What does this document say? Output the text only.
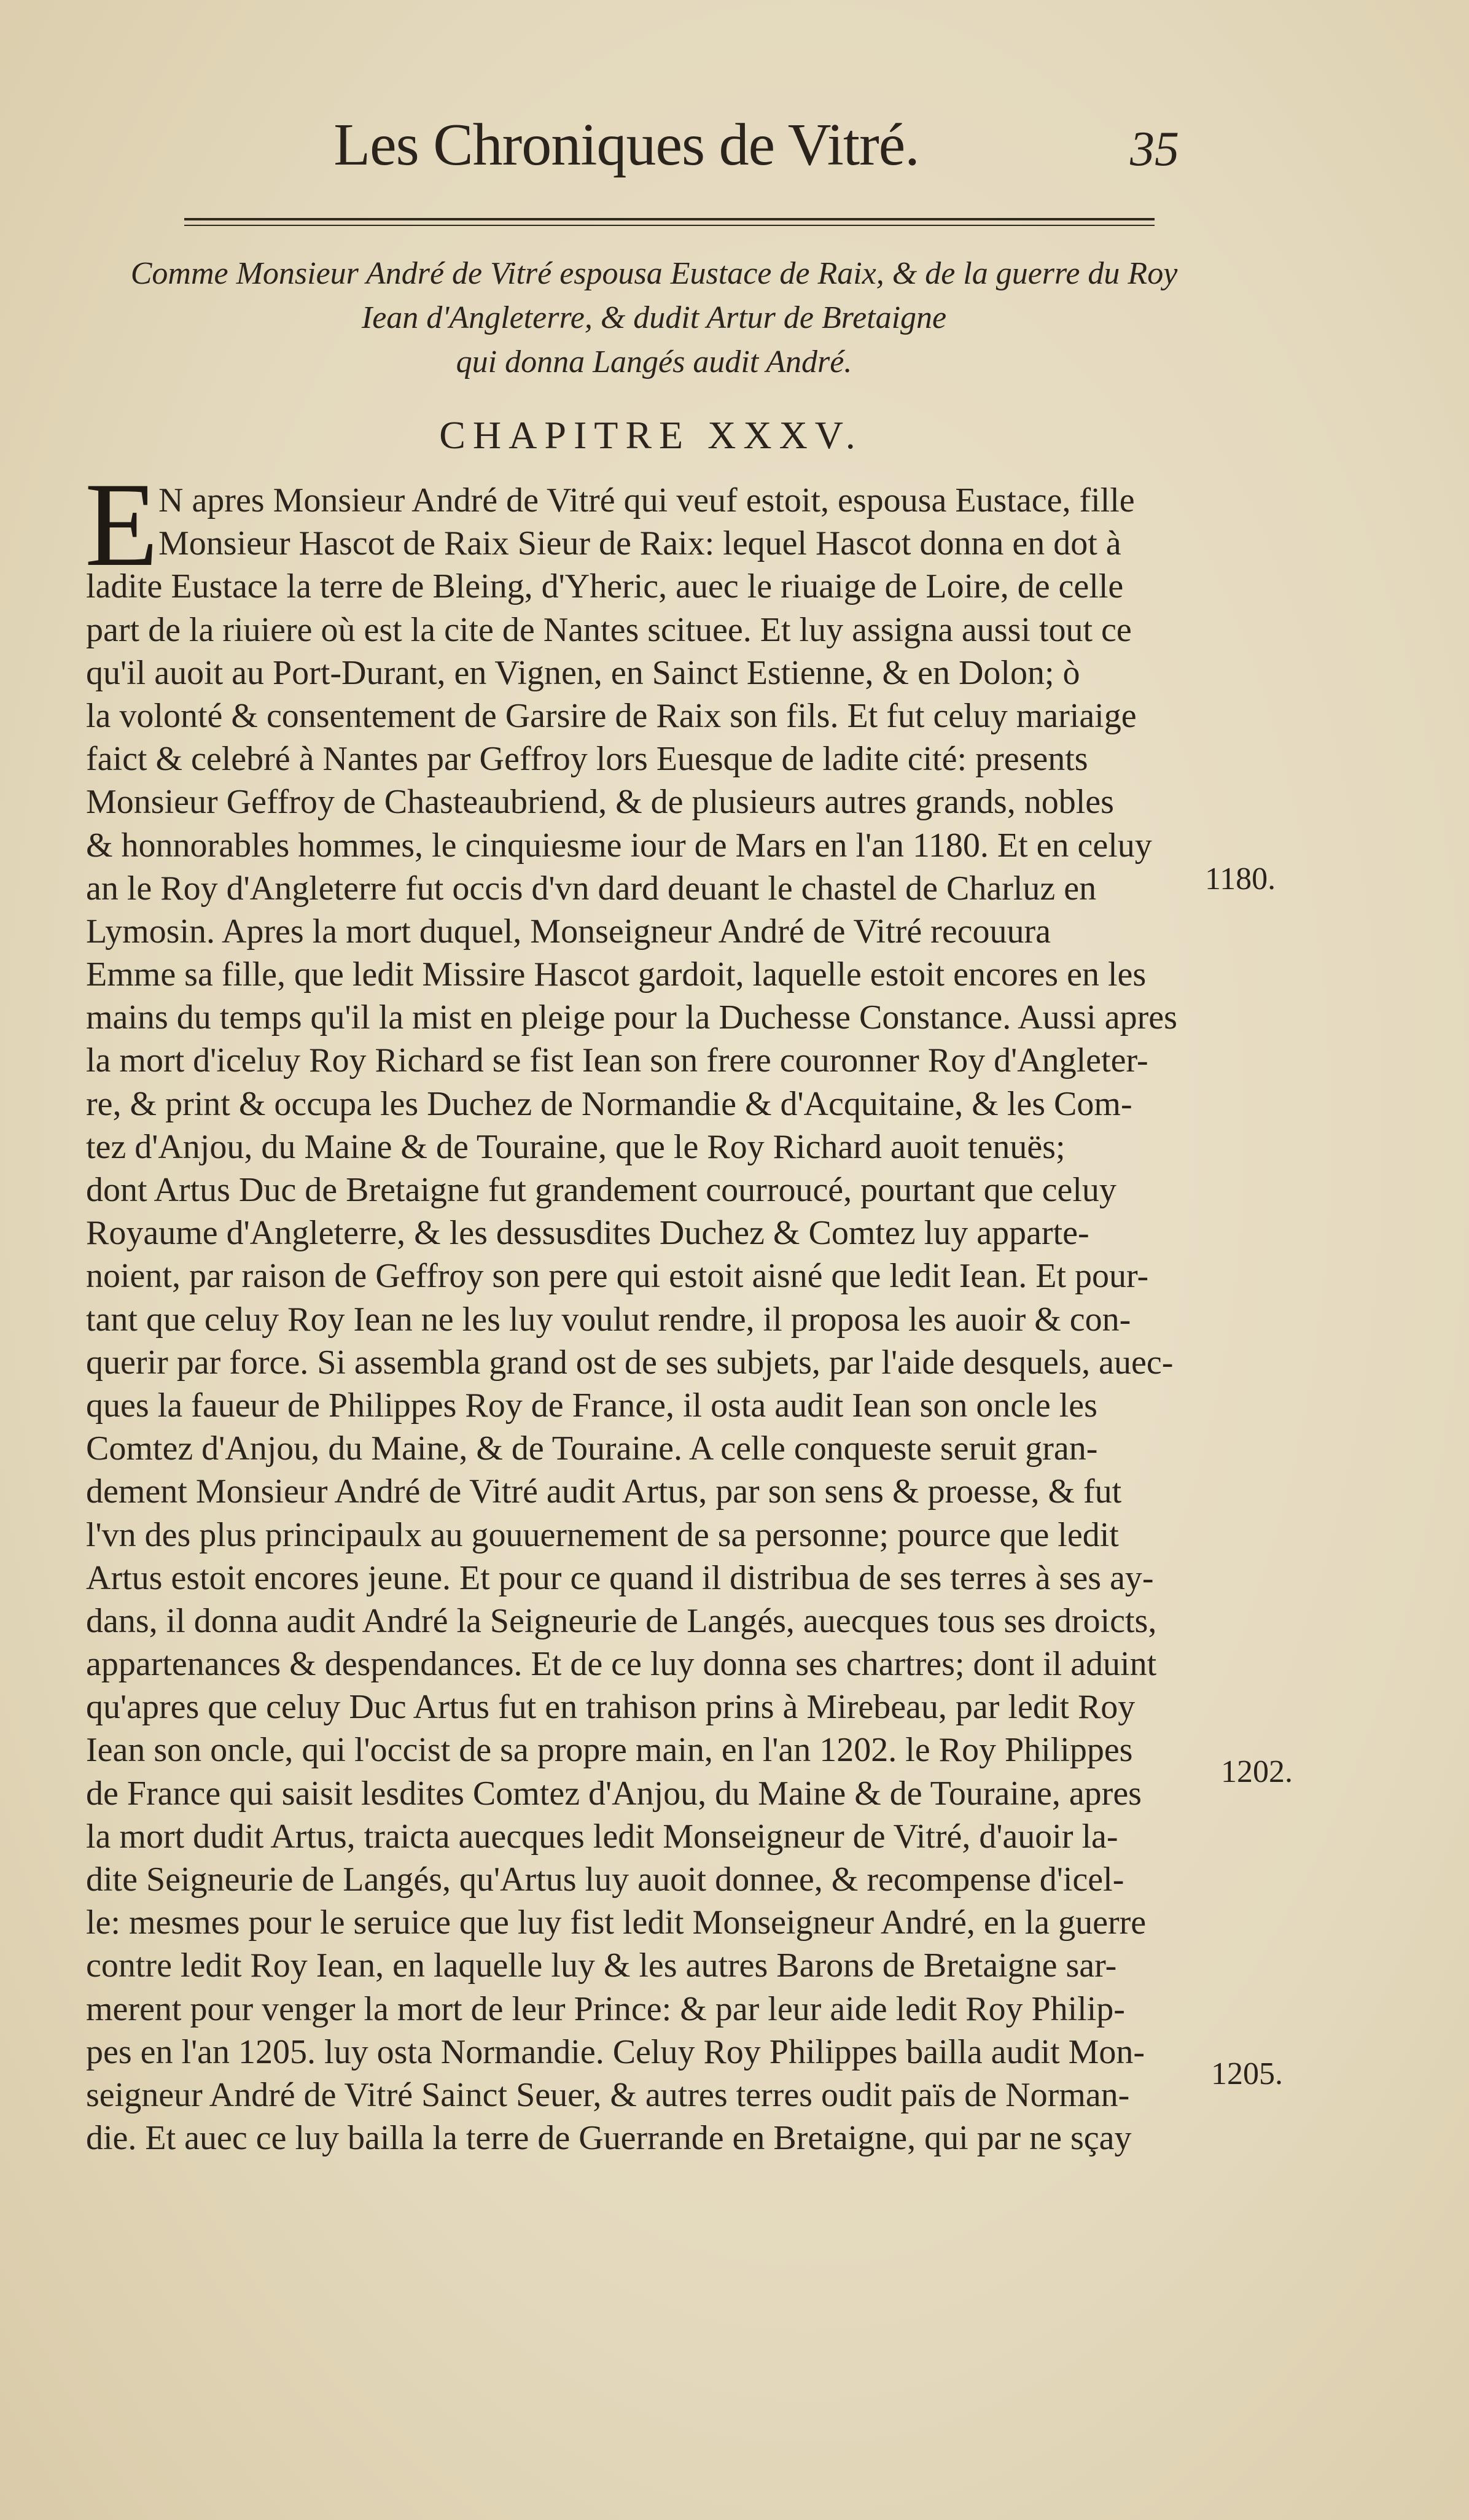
Les Chroniques de Vitré.	35
Comme Monsieur André de Vitré espousa Eustace de Raix, & de la guerre du Roy
Iean d'Angleterre, & dudit Artur de Bretaigne
qui donna Langés audit André.
CHAPITRE XXXV.
E N apres Monsieur André de Vitré qui veuf estoit, espousa Eustace, fille
Monsieur Hascot de Raix Sieur de Raix: lequel Hascot donna en dot à
ladite Eustace la terre de Bleing, d'Yheric, auec le riuaige de Loire, de celle
part de la riuiere où est la cite de Nantes scituee. Et luy assigna aussi tout ce
qu'il auoit au Port-Durant, en Vignen, en Sainct Estienne, & en Dolon; ò
la volonté & consentement de Garsire de Raix son fils. Et fut celuy mariaige
faict & celebré à Nantes par Geffroy lors Euesque de ladite cité: presents
Monsieur Geffroy de Chasteaubriend, & de plusieurs autres grands, nobles
& honnorables hommes, le cinquiesme iour de Mars en l'an 1180. Et en celuy
an le Roy d'Angleterre fut occis d'vn dard deuant le chastel de Charluz en
Lymosin. Apres la mort duquel, Monseigneur André de Vitré recouura
Emme sa fille, que ledit Missire Hascot gardoit, laquelle estoit encores en les
mains du temps qu'il la mist en pleige pour la Duchesse Constance. Aussi apres
la mort d'iceluy Roy Richard se fist Iean son frere couronner Roy d'Angleter-
re, & print & occupa les Duchez de Normandie & d'Acquitaine, & les Com-
tez d'Anjou, du Maine & de Touraine, que le Roy Richard auoit tenuës;
dont Artus Duc de Bretaigne fut grandement courroucé, pourtant que celuy
Royaume d'Angleterre, & les dessusdites Duchez & Comtez luy apparte-
noient, par raison de Geffroy son pere qui estoit aisné que ledit Iean. Et pour-
tant que celuy Roy Iean ne les luy voulut rendre, il proposa les auoir & con-
querir par force. Si assembla grand ost de ses subjets, par l'aide desquels, auec-
ques la faueur de Philippes Roy de France, il osta audit Iean son oncle les
Comtez d'Anjou, du Maine, & de Touraine. A celle conqueste seruit gran-
dement Monsieur André de Vitré audit Artus, par son sens & proesse, & fut
l'vn des plus principaulx au gouuernement de sa personne; pource que ledit
Artus estoit encores jeune. Et pour ce quand il distribua de ses terres à ses ay-
dans, il donna audit André la Seigneurie de Langés, auecques tous ses droicts,
appartenances & despendances. Et de ce luy donna ses chartres; dont il aduint
qu'apres que celuy Duc Artus fut en trahison prins à Mirebeau, par ledit Roy
Iean son oncle, qui l'occist de sa propre main, en l'an 1202. le Roy Philippes
de France qui saisit lesdites Comtez d'Anjou, du Maine & de Touraine, apres
la mort dudit Artus, traicta auecques ledit Monseigneur de Vitré, d'auoir la-
dite Seigneurie de Langés, qu'Artus luy auoit donnee, & recompense d'icel-
le: mesmes pour le seruice que luy fist ledit Monseigneur André, en la guerre
contre ledit Roy Iean, en laquelle luy & les autres Barons de Bretaigne sar-
merent pour venger la mort de leur Prince: & par leur aide ledit Roy Philip-
pes en l'an 1205. luy osta Normandie. Celuy Roy Philippes bailla audit Mon-
seigneur André de Vitré Sainct Seuer, & autres terres oudit païs de Norman-
die. Et auec ce luy bailla la terre de Guerrande en Bretaigne, qui par ne sçay
1180.
1202.
1205.
